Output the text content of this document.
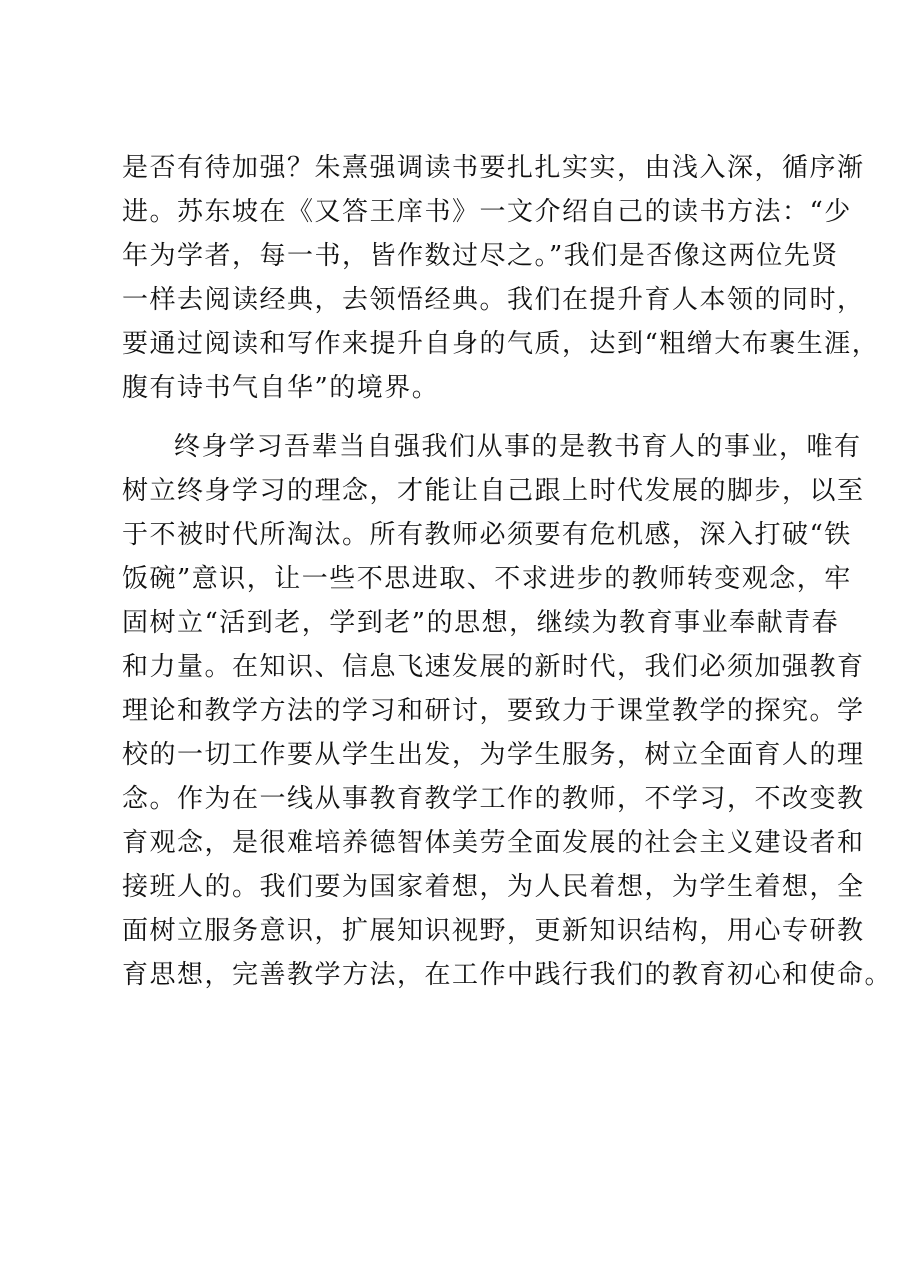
是否有待加强？朱熹强调读书要扎扎实实，由浅入深，循序渐
进。苏东坡在《又答王庠书》一文介绍自己的读书方法：“少
年为学者，每一书，皆作数过尽之。”我们是否像这两位先贤
一样去阅读经典，去领悟经典。我们在提升育人本领的同时，
要通过阅读和写作来提升自身的气质，达到“粗缯大布裹生涯，
腹有诗书气自华”的境界。
终身学习吾辈当自强我们从事的是教书育人的事业，唯有
树立终身学习的理念，才能让自己跟上时代发展的脚步，以至
于不被时代所淘汰。所有教师必须要有危机感，深入打破“铁
饭碗”意识，让一些不思进取、不求进步的教师转变观念，牢
固树立“活到老，学到老”的思想，继续为教育事业奉献青春
和力量。在知识、信息飞速发展的新时代，我们必须加强教育
理论和教学方法的学习和研讨，要致力于课堂教学的探究。学
校的一切工作要从学生出发，为学生服务，树立全面育人的理
念。作为在一线从事教育教学工作的教师，不学习，不改变教
育观念，是很难培养德智体美劳全面发展的社会主义建设者和
接班人的。我们要为国家着想，为人民着想，为学生着想，全
面树立服务意识，扩展知识视野，更新知识结构，用心专研教
育思想，完善教学方法，在工作中践行我们的教育初心和使命。
